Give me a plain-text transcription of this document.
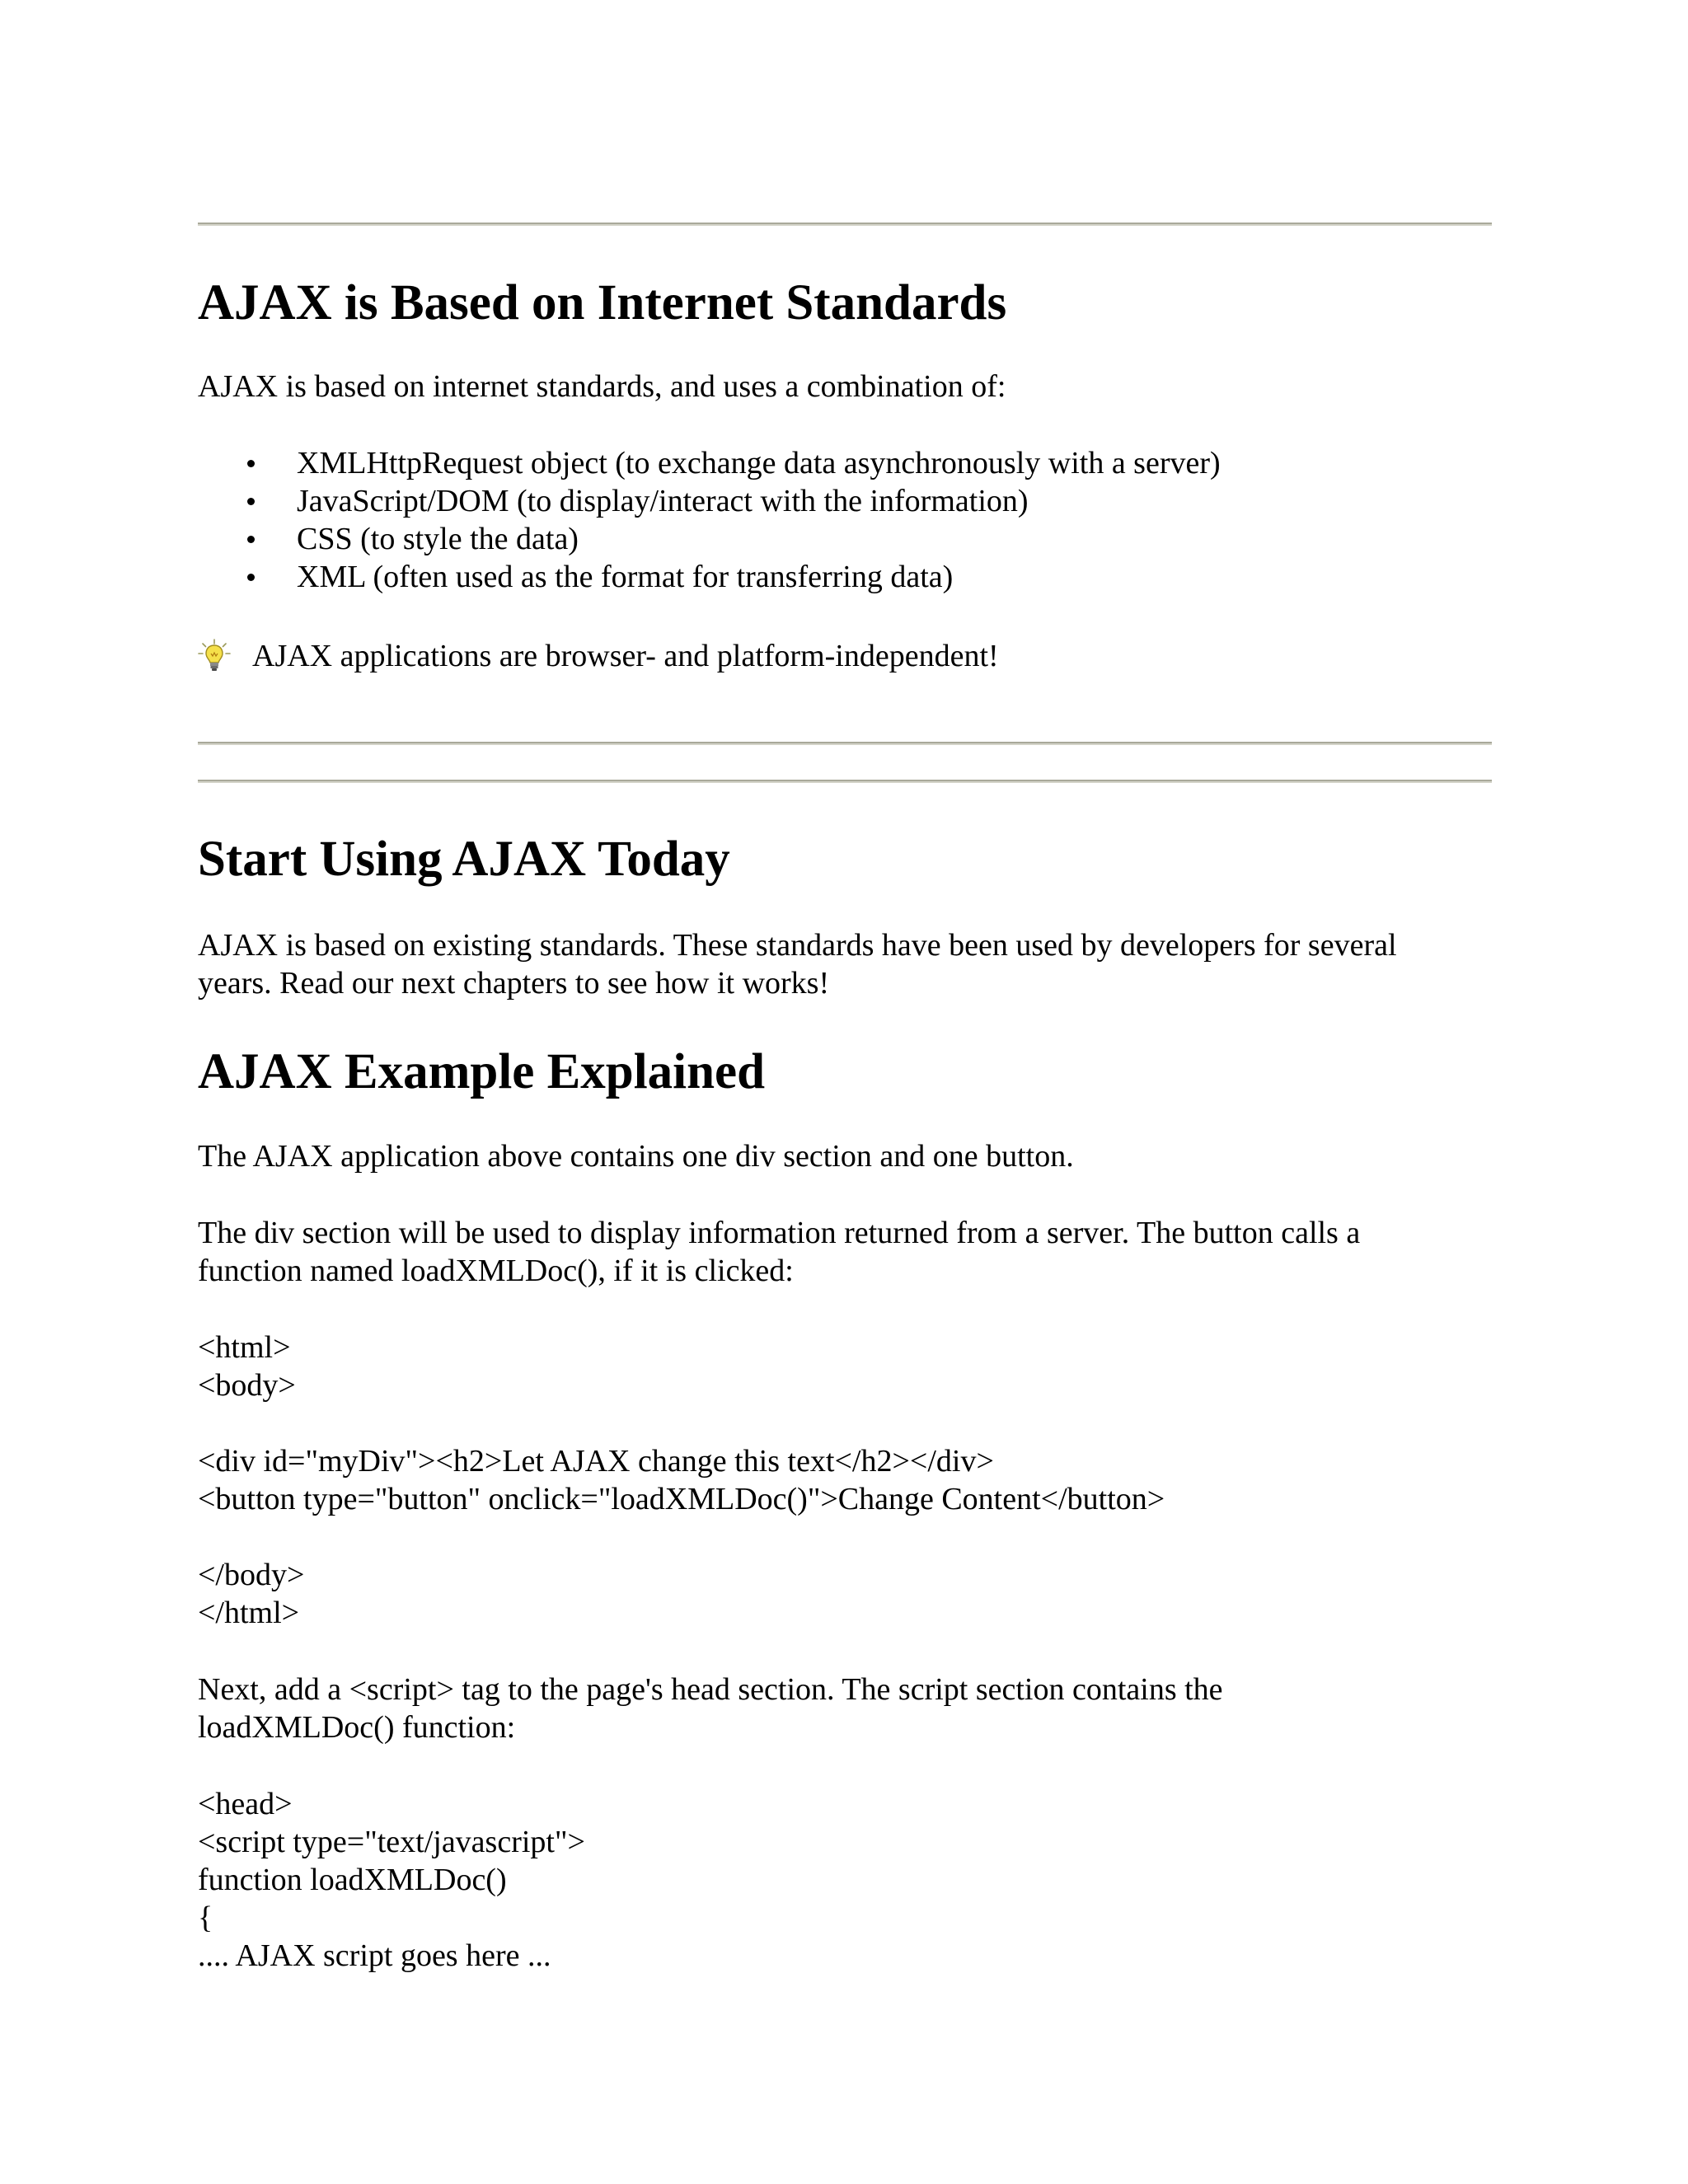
AJAX is Based on Internet Standards

AJAX is based on internet standards, and uses a combination of:

XMLHttpRequest object (to exchange data asynchronously with a server)
JavaScript/DOM (to display/interact with the information)
CSS (to style the data)
XML (often used as the format for transferring data)
AJAX applications are browser- and platform-independent!
Start Using AJAX Today
AJAX is based on existing standards. These standards have been used by developers for several
years. Read our next chapters to see how it works!
AJAX Example Explained

The AJAX application above contains one div section and one button.

The div section will be used to display information returned from a server. The button calls a
function named loadXMLDoc(), if it is clicked:
<html>
<body>

<div id="myDiv"><h2>Let AJAX change this text</h2></div>
<button type="button" onclick="loadXMLDoc()">Change Content</button>

</body>
</html>
Next, add a <script> tag to the page's head section. The script section contains the
loadXMLDoc() function:
<head>
<script type="text/javascript">
function loadXMLDoc()
{
.... AJAX script goes here ...
